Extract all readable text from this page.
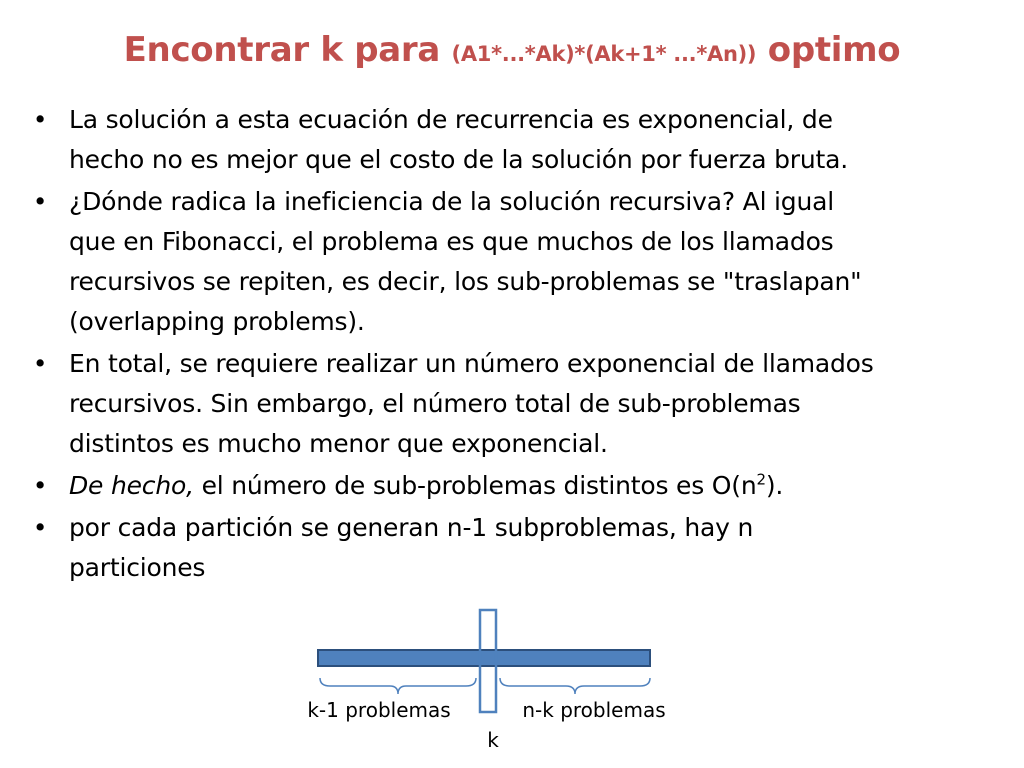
Encontrar k para (A1*...*Ak)*(Ak+1* ...*An)) optimo
• La solución a esta ecuación de recurrencia es exponencial, de
hecho no es mejor que el costo de la solución por fuerza bruta.
• ¿Dónde radica la ineficiencia de la solución recursiva? Al igual
que en Fibonacci, el problema es que muchos de los llamados
recursivos se repiten, es decir, los sub-problemas se "traslapan"
(overlapping problems).
• En total, se requiere realizar un número exponencial de llamados
recursivos. Sin embargo, el número total de sub-problemas
distintos es mucho menor que exponencial.
• De hecho, el número de sub-problemas distintos es $O(n^2)$.
• por cada partición se generan n-1 subproblemas, hay n
particiones
k-1 problemas	n-k problemas
k
